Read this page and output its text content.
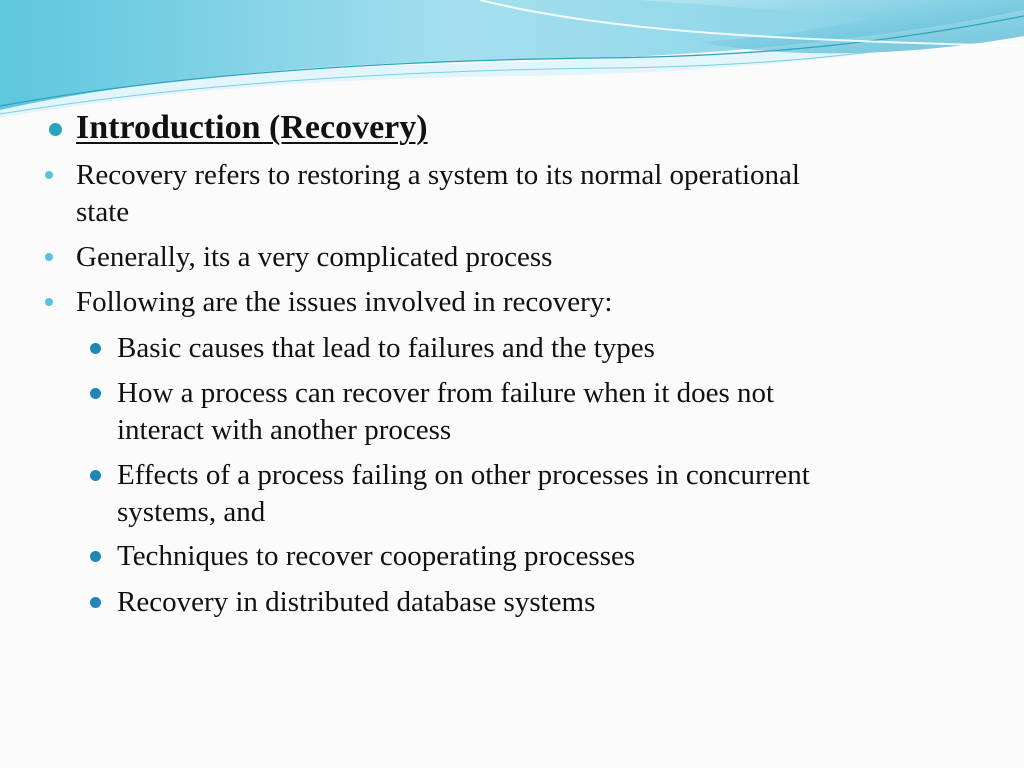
Introduction (Recovery)
Recovery refers to restoring a system to its normal operational
state
Generally, its a very complicated process
Following are the issues involved in recovery:
Basic causes that lead to failures and the types
How a process can recover from failure when it does not
interact with another process
Effects of a process failing on other processes in concurrent
systems, and
Techniques to recover cooperating processes
Recovery in distributed database systems
